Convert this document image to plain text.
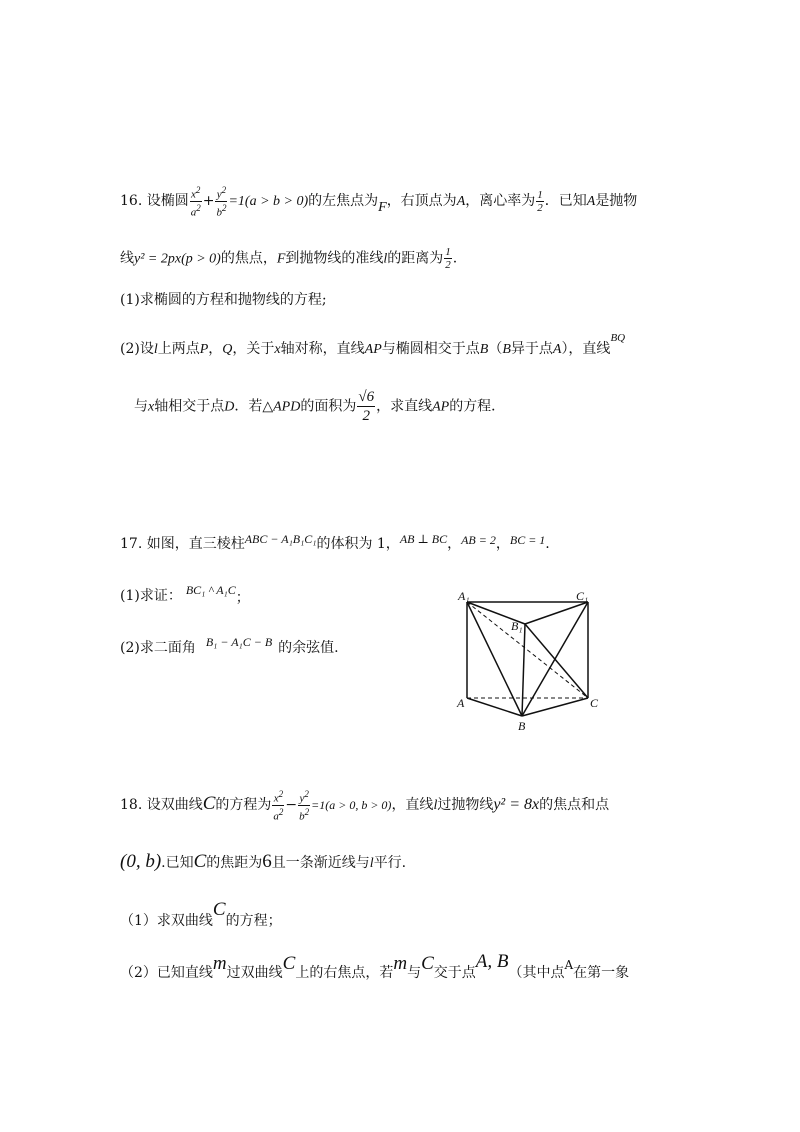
16. 设椭圆 $\frac{x^2}{a^2} + \frac{y^2}{b^2} =1(a > b > 0)$的左焦点为F，右顶点为A，离心率为 $\frac{1}{2}$ ．已知A是抛物
线y² = 2px(p > 0)的焦点，F到抛物线的准线l的距离为 $\frac{1}{2}$ .
(1)求椭圆的方程和抛物线的方程;
(2)设l上两点P，Q，关于x轴对称，直线AP与椭圆相交于点B（B异于点A），直线$^{BQ}$
与x轴相交于点D．若△APD的面积为 $\frac{√6}{2}$ ，求直线AP的方程．
17. 如图，直三棱柱ABC − A₁B₁C₁的体积为 1，AB ⊥ BC，AB = 2，BC = 1.
(1)求证： BC₁ ^ A₁C；
(2)求二面角 B₁ − A₁C − B 的余弦值.
A₁	C₁
B₁
A
B
C
18. 设双曲线C的方程为 $\frac{x^2}{a^2} - \frac{y^2}{b^2} =1(a > 0$, b > 0)，直线l过抛物线y² = 8x的焦点和点
(0, b).已知C的焦距为6且一条渐近线与l平行.
（1）求双曲线C的方程；
（2）已知直线m过双曲线C上的右焦点，若m与C交于点A, B（其中点A在第一象
